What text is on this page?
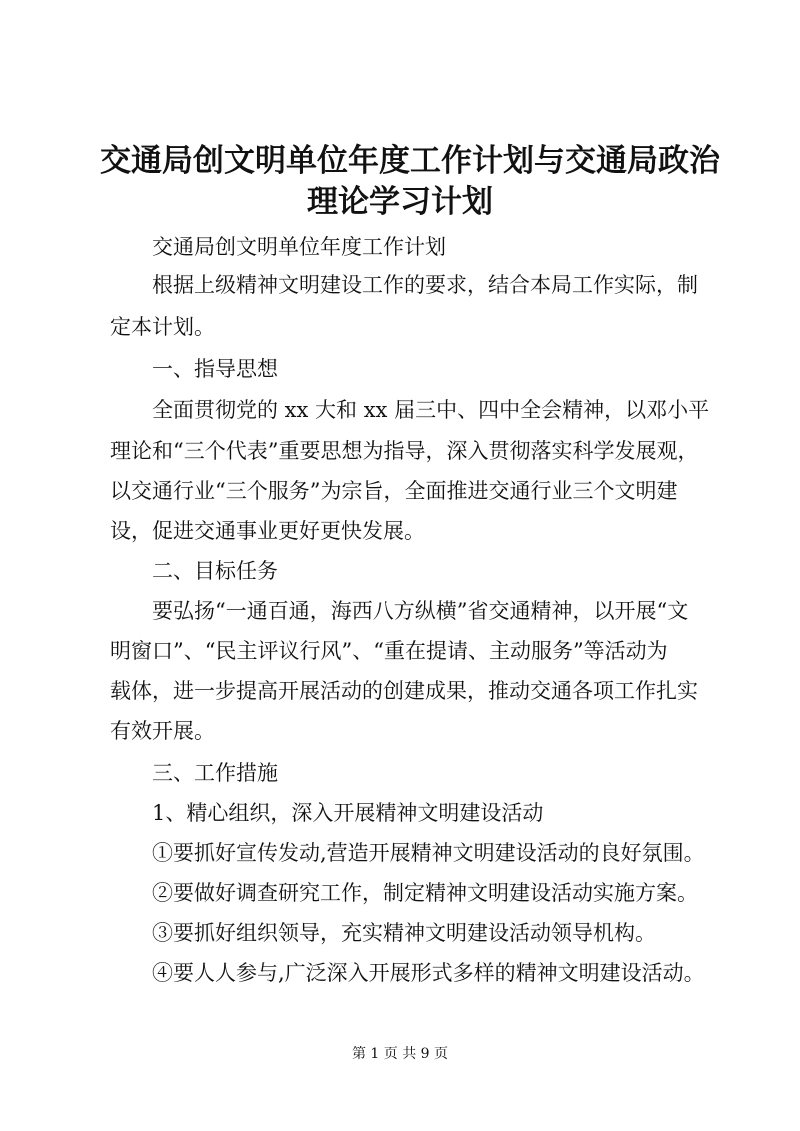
交通局创文明单位年度工作计划与交通局政治
理论学习计划
交通局创文明单位年度工作计划
根据上级精神文明建设工作的要求，结合本局工作实际，制
定本计划。
一、指导思想
全面贯彻党的 xx 大和 xx 届三中、四中全会精神，以邓小平
理论和“三个代表”重要思想为指导，深入贯彻落实科学发展观，
以交通行业“三个服务”为宗旨，全面推进交通行业三个文明建
设，促进交通事业更好更快发展。
二、目标任务
要弘扬“一通百通，海西八方纵横”省交通精神，以开展“文
明窗口”、“民主评议行风”、“重在提请、主动服务”等活动为
载体，进一步提高开展活动的创建成果，推动交通各项工作扎实
有效开展。
三、工作措施
1、精心组织，深入开展精神文明建设活动
①要抓好宣传发动,营造开展精神文明建设活动的良好氛围。
②要做好调查研究工作，制定精神文明建设活动实施方案。
③要抓好组织领导，充实精神文明建设活动领导机构。
④要人人参与,广泛深入开展形式多样的精神文明建设活动。
第 1 页 共 9 页
